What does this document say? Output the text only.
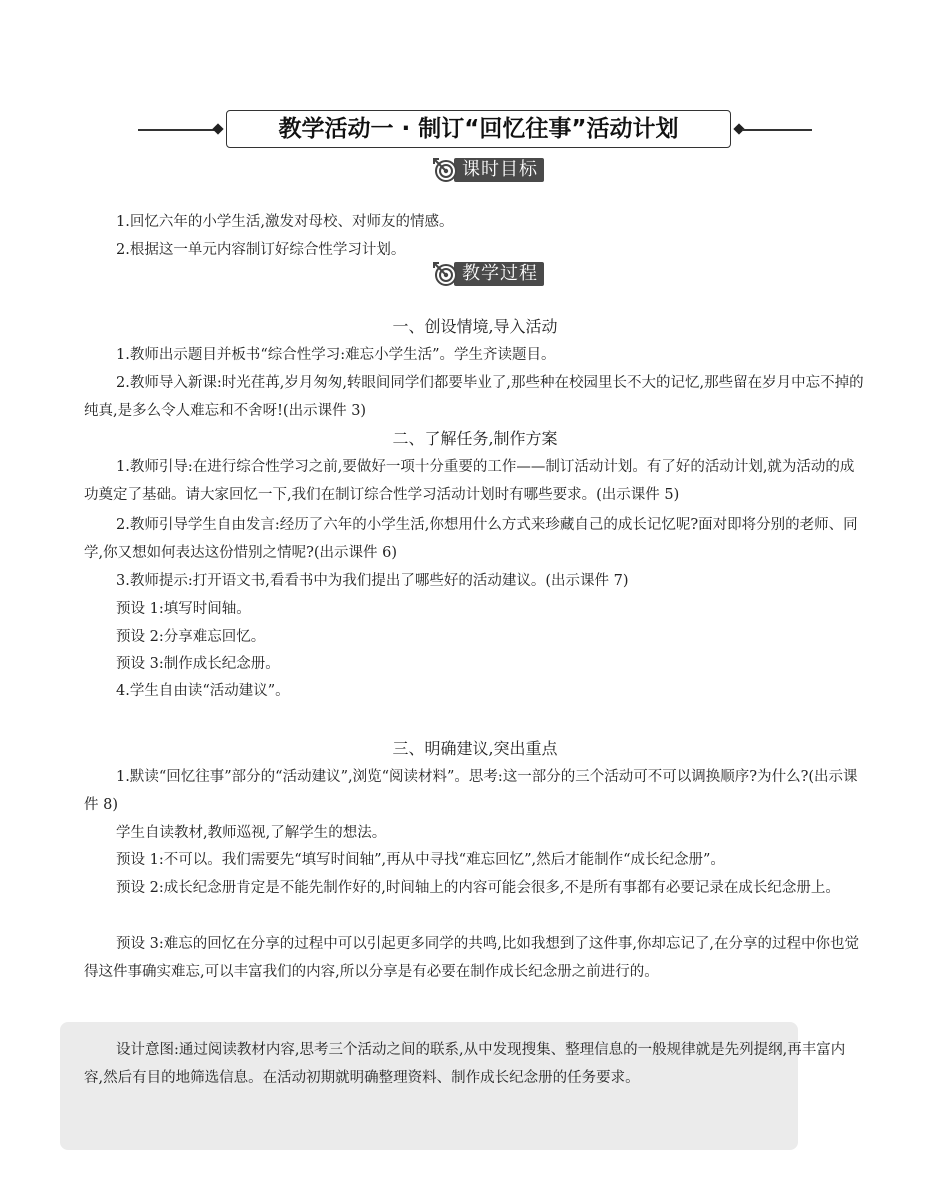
教学活动一 · 制订“回忆往事”活动计划
课时目标
1.回忆六年的小学生活,激发对母校、对师友的情感。
2.根据这一单元内容制订好综合性学习计划。
教学过程
一、创设情境,导入活动

1.教师出示题目并板书“综合性学习:难忘小学生活”。学生齐读题目。

2.教师导入新课:时光荏苒,岁月匆匆,转眼间同学们都要毕业了,那些种在校园里长不大的记忆,那些留在岁月中忘不掉的纯真,是多么令人难忘和不舍呀!(出示课件 3)

二、了解任务,制作方案

1.教师引导:在进行综合性学习之前,要做好一项十分重要的工作——制订活动计划。有了好的活动计划,就为活动的成功奠定了基础。请大家回忆一下,我们在制订综合性学习活动计划时有哪些要求。(出示课件 5)

2.教师引导学生自由发言:经历了六年的小学生活,你想用什么方式来珍藏自己的成长记忆呢?面对即将分别的老师、同学,你又想如何表达这份惜别之情呢?(出示课件 6)

3.教师提示:打开语文书,看看书中为我们提出了哪些好的活动建议。(出示课件 7)

预设 1:填写时间轴。

预设 2:分享难忘回忆。

预设 3:制作成长纪念册。

4.学生自由读“活动建议”。

三、明确建议,突出重点

1.默读“回忆往事”部分的“活动建议”,浏览“阅读材料”。思考:这一部分的三个活动可不可以调换顺序?为什么?(出示课件 8)

学生自读教材,教师巡视,了解学生的想法。

预设 1:不可以。我们需要先“填写时间轴”,再从中寻找“难忘回忆”,然后才能制作“成长纪念册”。

预设 2:成长纪念册肯定是不能先制作好的,时间轴上的内容可能会很多,不是所有事都有必要记录在成长纪念册上。

预设 3:难忘的回忆在分享的过程中可以引起更多同学的共鸣,比如我想到了这件事,你却忘记了,在分享的过程中你也觉得这件事确实难忘,可以丰富我们的内容,所以分享是有必要在制作成长纪念册之前进行的。

设计意图:通过阅读教材内容,思考三个活动之间的联系,从中发现搜集、整理信息的一般规律就是先列提纲,再丰富内容,然后有目的地筛选信息。在活动初期就明确整理资料、制作成长纪念册的任务要求。
